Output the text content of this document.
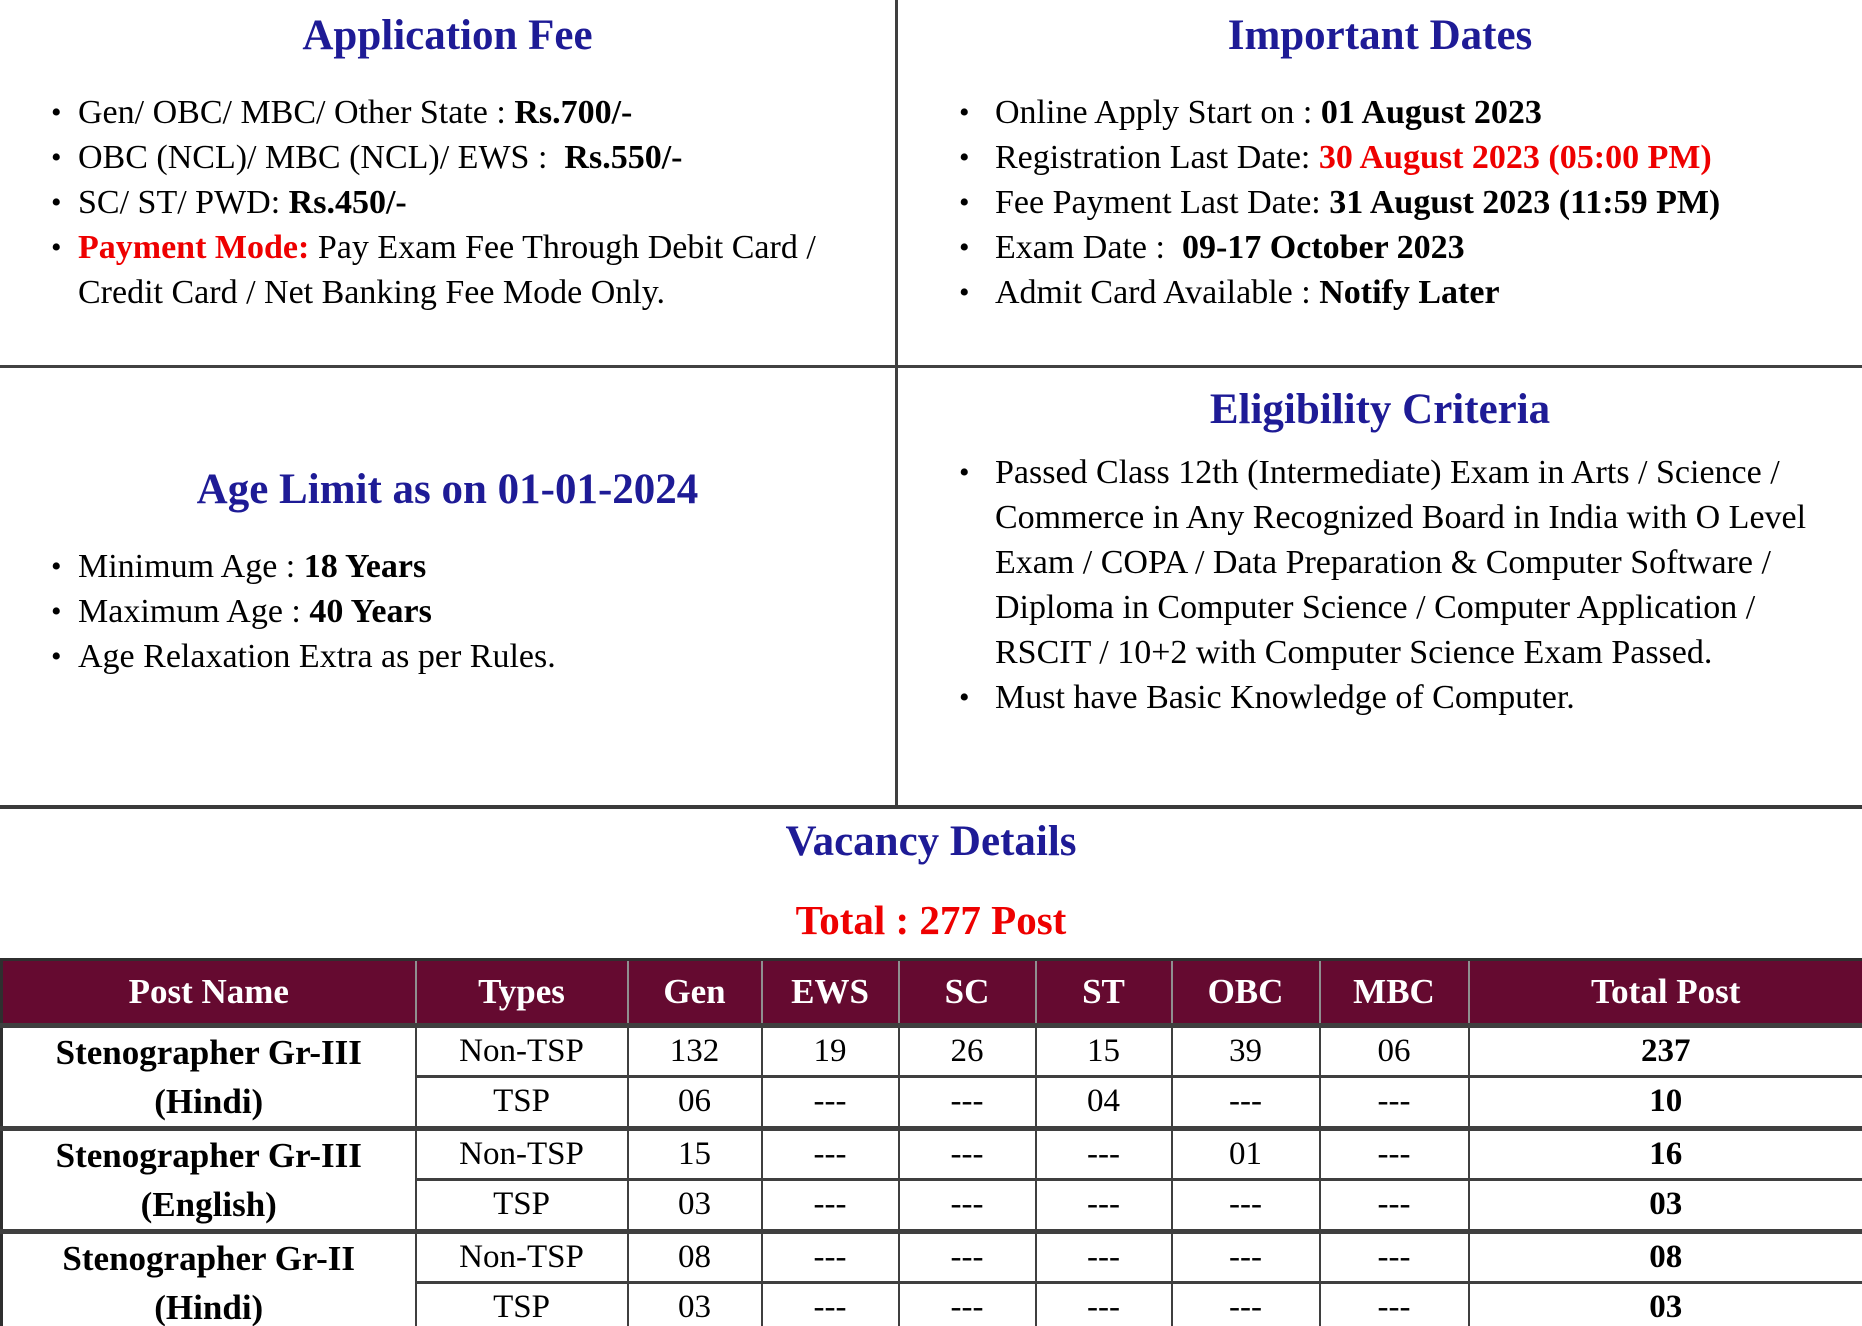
Application Fee
• Gen/ OBC/ MBC/ Other State : Rs.700/-
• OBC (NCL)/ MBC (NCL)/ EWS :  Rs.550/-
• SC/ ST/ PWD: Rs.450/-
• Payment Mode: Pay Exam Fee Through Debit Card / Credit Card / Net Banking Fee Mode Only.
Important Dates
• Online Apply Start on : 01 August 2023
• Registration Last Date: 30 August 2023 (05:00 PM)
• Fee Payment Last Date: 31 August 2023 (11:59 PM)
• Exam Date :  09-17 October 2023
• Admit Card Available : Notify Later
Age Limit as on 01-01-2024
• Minimum Age : 18 Years
• Maximum Age : 40 Years
• Age Relaxation Extra as per Rules.
Eligibility Criteria
• Passed Class 12th (Intermediate) Exam in Arts / Science / Commerce in Any Recognized Board in India with O Level Exam / COPA / Data Preparation & Computer Software / Diploma in Computer Science / Computer Application / RSCIT / 10+2 with Computer Science Exam Passed.
• Must have Basic Knowledge of Computer.
Vacancy Details
Total : 277 Post
Post Name	Types	Gen	EWS	SC	ST	OBC	MBC	Total Post

Stenographer Gr-III
(Hindi)	Non-TSP	132	19	26	15	39	06	237
	TSP	06	---	---	04	---	---	10

Stenographer Gr-III
(English)	Non-TSP	15	---	---	---	01	---	16
	TSP	03	---	---	---	---	---	03

Stenographer Gr-II
(Hindi)	Non-TSP	08	---	---	---	---	---	08
	TSP	03	---	---	---	---	---	03
